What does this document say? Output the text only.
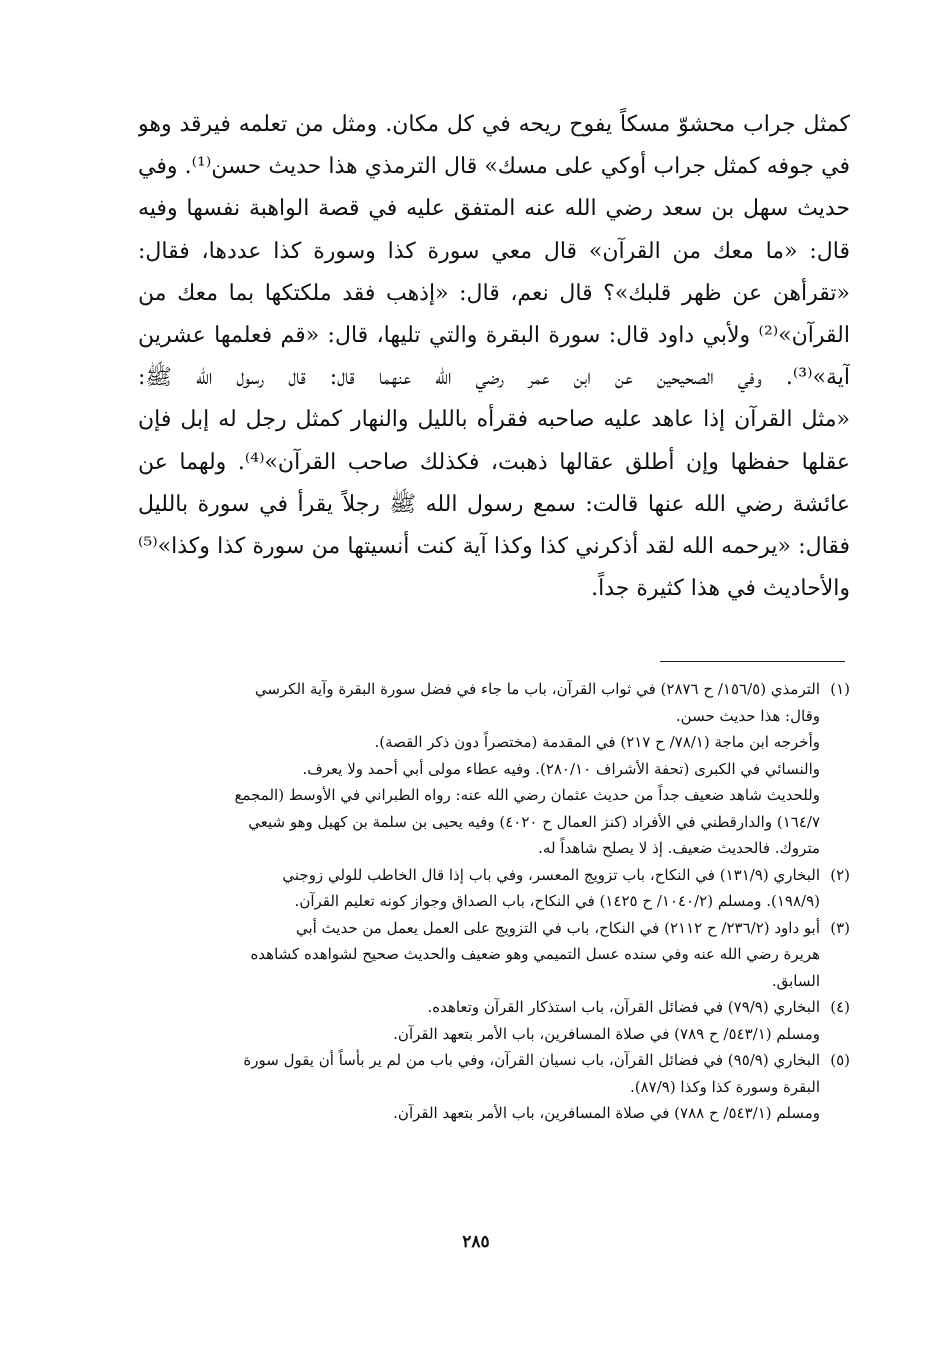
كمثل جراب محشوّ مسكاً يفوح ريحه في كل مكان. ومثل من تعلمه فيرقد وهو
في جوفه كمثل جراب أوكي على مسك» قال الترمذي هذا حديث حسن⁽¹⁾. وفي
حديث سهل بن سعد رضي الله عنه المتفق عليه في قصة الواهبة نفسها وفيه
قال: «ما معك من القرآن» قال معي سورة كذا وسورة كذا عددها، فقال:
«تقرأهن عن ظهر قلبك»؟ قال نعم، قال: «إذهب فقد ملكتكها بما معك من
القرآن»⁽²⁾ ولأبي داود قال: سورة البقرة والتي تليها، قال: «قم فعلمها عشرين
آية»⁽³⁾. وفي الصحيحين عن ابن عمر رضي الله عنهما قال: قال رسول الله ﷺ:
«مثل القرآن إذا عاهد عليه صاحبه فقرأه بالليل والنهار كمثل رجل له إبل فإن
عقلها حفظها وإن أطلق عقالها ذهبت، فكذلك صاحب القرآن»⁽⁴⁾. ولهما عن
عائشة رضي الله عنها قالت: سمع رسول الله ﷺ رجلاً يقرأ في سورة بالليل
فقال: «يرحمه الله لقد أذكرني كذا وكذا آية كنت أنسيتها من سورة كذا وكذا»⁽⁵⁾
والأحاديث في هذا كثيرة جداً.
(١)الترمذي (١٥٦/٥/ ح ٢٨٧٦) في ثواب القرآن، باب ما جاء في فضل سورة البقرة وآية الكرسي
وقال: هذا حديث حسن.
وأخرجه ابن ماجة (٧٨/١/ ح ٢١٧) في المقدمة (مختصراً دون ذكر القصة).
والنسائي في الكبرى (تحفة الأشراف ٢٨٠/١٠). وفيه عطاء مولى أبي أحمد ولا يعرف.
وللحديث شاهد ضعيف جداً من حديث عثمان رضي الله عنه: رواه الطبراني في الأوسط (المجمع
١٦٤/٧) والدارقطني في الأفراد (كنز العمال ح ٤٠٢٠) وفيه يحيى بن سلمة بن كهيل وهو شيعي
متروك. فالحديث ضعيف. إذ لا يصلح شاهداً له.
(٢)البخاري (١٣١/٩) في النكاح، باب تزويج المعسر، وفي باب إذا قال الخاطب للولي زوجني
(١٩٨/٩). ومسلم (١٠٤٠/٢/ ح ١٤٢٥) في النكاح، باب الصداق وجواز كونه تعليم القرآن.
(٣)أبو داود (٢٣٦/٢/ ح ٢١١٢) في النكاح، باب في التزويج على العمل يعمل من حديث أبي
هريرة رضي الله عنه وفي سنده عسل التميمي وهو ضعيف والحديث صحيح لشواهده كشاهده
السابق.
(٤)البخاري (٧٩/٩) في فضائل القرآن، باب استذكار القرآن وتعاهده.
ومسلم (٥٤٣/١/ ح ٧٨٩) في صلاة المسافرين، باب الأمر بتعهد القرآن.
(٥)البخاري (٩٥/٩) في فضائل القرآن، باب نسيان القرآن، وفي باب من لم ير بأساً أن يقول سورة
البقرة وسورة كذا وكذا (٨٧/٩).
ومسلم (٥٤٣/١/ ح ٧٨٨) في صلاة المسافرين، باب الأمر بتعهد القرآن.
٢٨٥
